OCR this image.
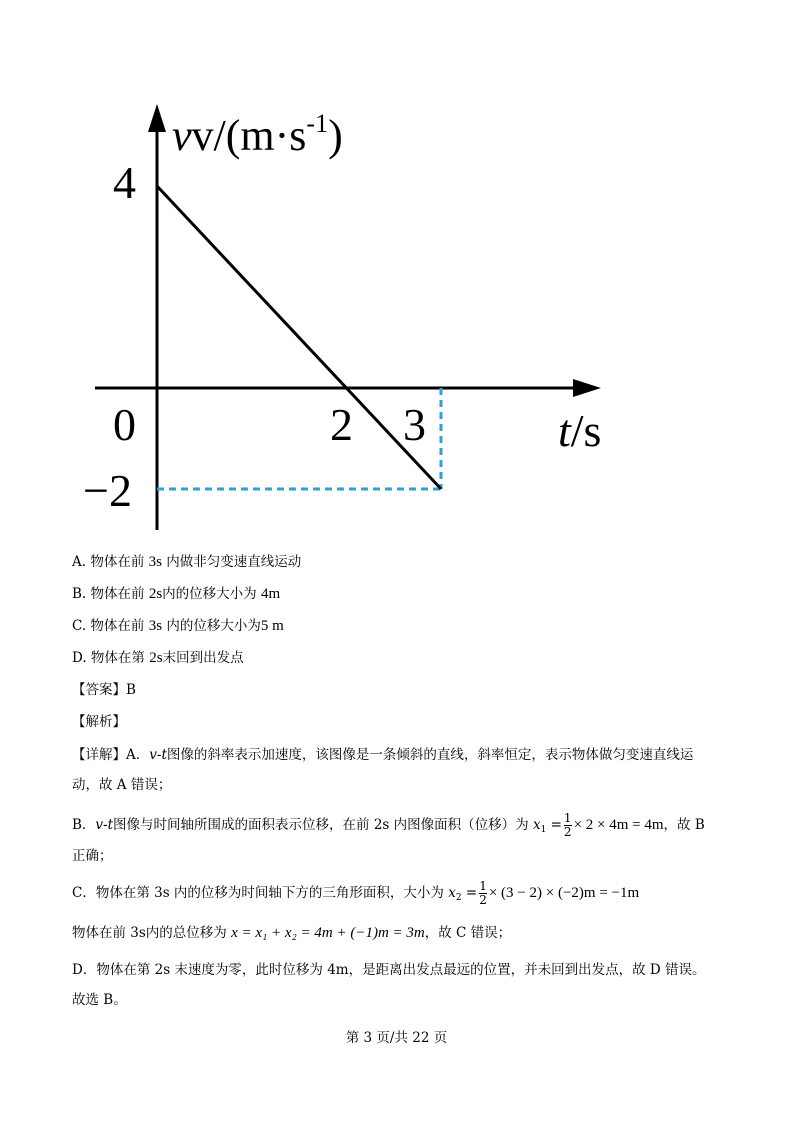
$vv/(m\cdot s^{-1})$
t/s
4
0	2 3
−2
A. 物体在前 3s 内做非匀变速直线运动
B. 物体在前 2s内的位移大小为 4m
C. 物体在前 3s 内的位移大小为5 m
D. 物体在第 2s末回到出发点
【答案】B
【解析】
【详解】A．v-t图像的斜率表示加速度，该图像是一条倾斜的直线，斜率恒定，表示物体做匀变速直线运
动，故 A 错误；
B．v-t图像与时间轴所围成的面积表示位移，在前 2s 内图像面积（位移）为 $x_1 = \frac{1}{2} \times 2 \times 4m = 4m$，故 B
正确；
C．物体在第 3s 内的位移为时间轴下方的三角形面积，大小为 $x_2 = \frac{1}{2} \times (3 - 2) \times (-2)m = -1m$
物体在前 3s内的总位移为 x = x₁ + x₂ = 4m + (−1)m = 3m，故 C 错误；
D．物体在第 2s 末速度为零，此时位移为 4m，是距离出发点最远的位置，并未回到出发点，故 D 错误。
故选 B。
第 3 页/共 22 页
